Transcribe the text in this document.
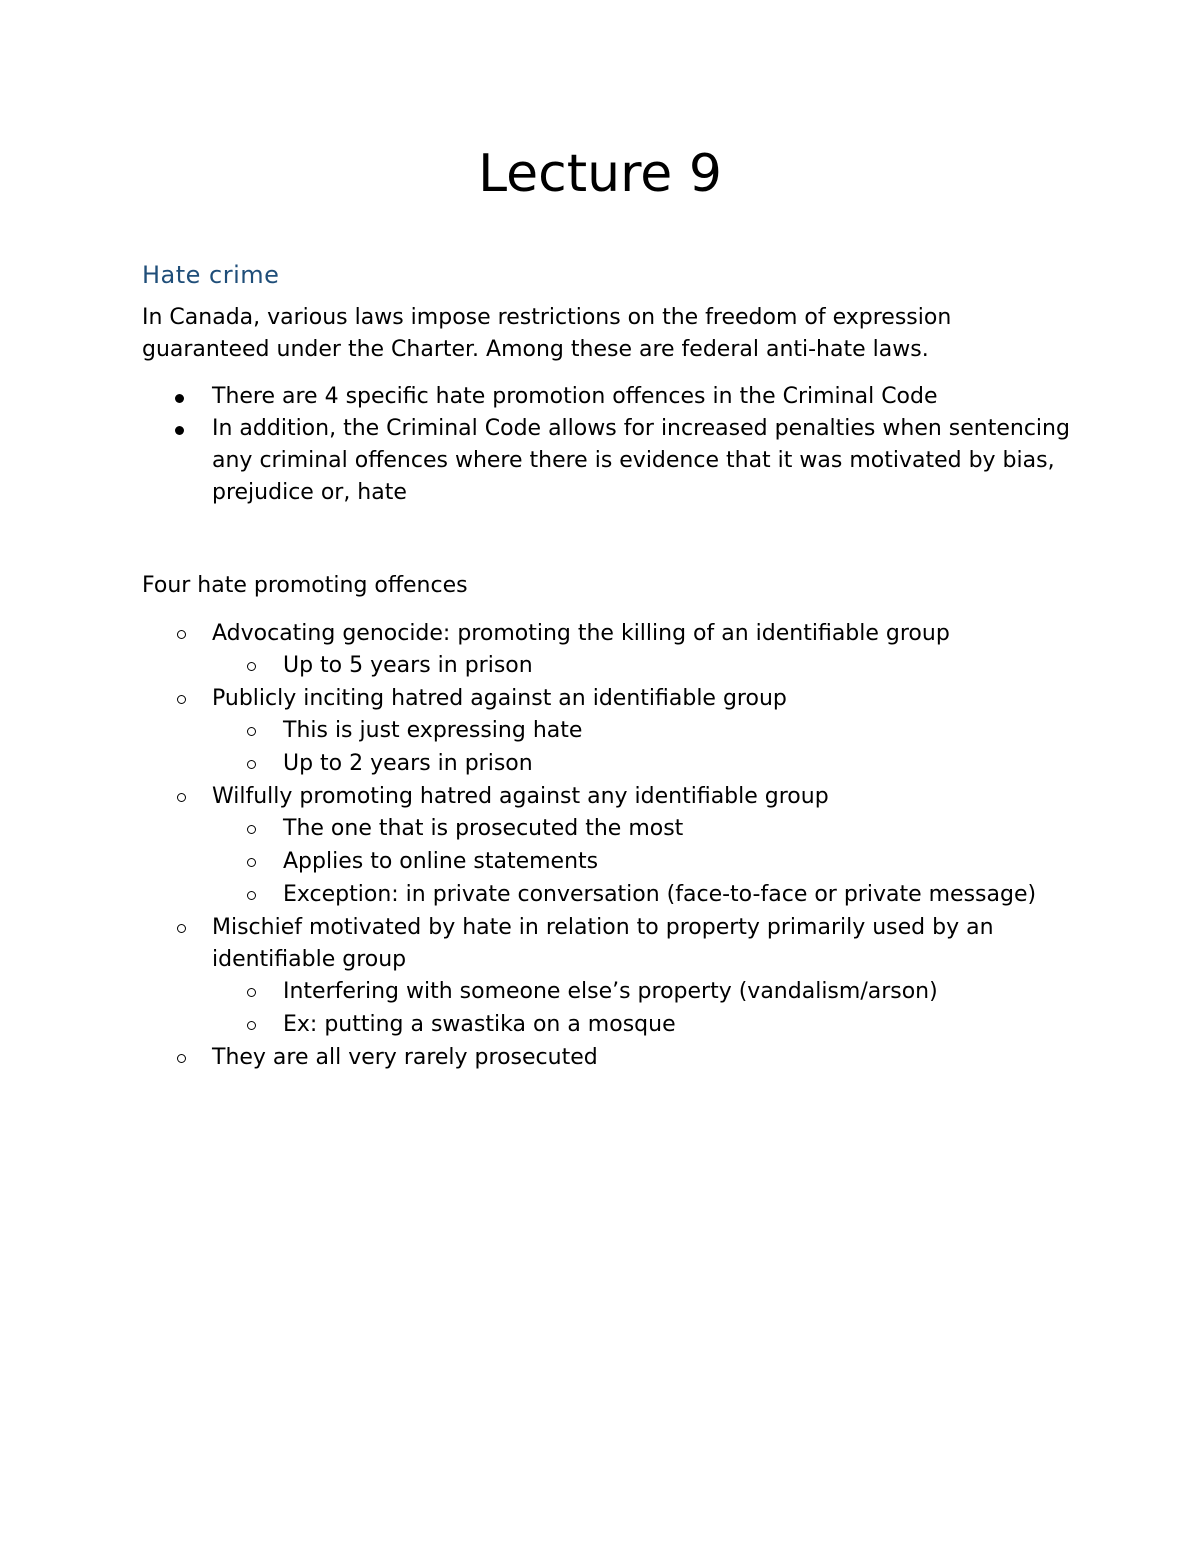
Lecture 9
Hate crime

In Canada, various laws impose restrictions on the freedom of expression guaranteed under the Charter. Among these are federal anti-hate laws.

There are 4 specific hate promotion offences in the Criminal Code
In addition, the Criminal Code allows for increased penalties when sentencing any criminal offences where there is evidence that it was motivated by bias, prejudice or, hate

Four hate promoting offences

Advocating genocide: promoting the killing of an identifiable group
Up to 5 years in prison
Publicly inciting hatred against an identifiable group
This is just expressing hate
Up to 2 years in prison
Wilfully promoting hatred against any identifiable group
The one that is prosecuted the most
Applies to online statements
Exception: in private conversation (face-to-face or private message)
Mischief motivated by hate in relation to property primarily used by an identifiable group
Interfering with someone else’s property (vandalism/arson)
Ex: putting a swastika on a mosque
They are all very rarely prosecuted
